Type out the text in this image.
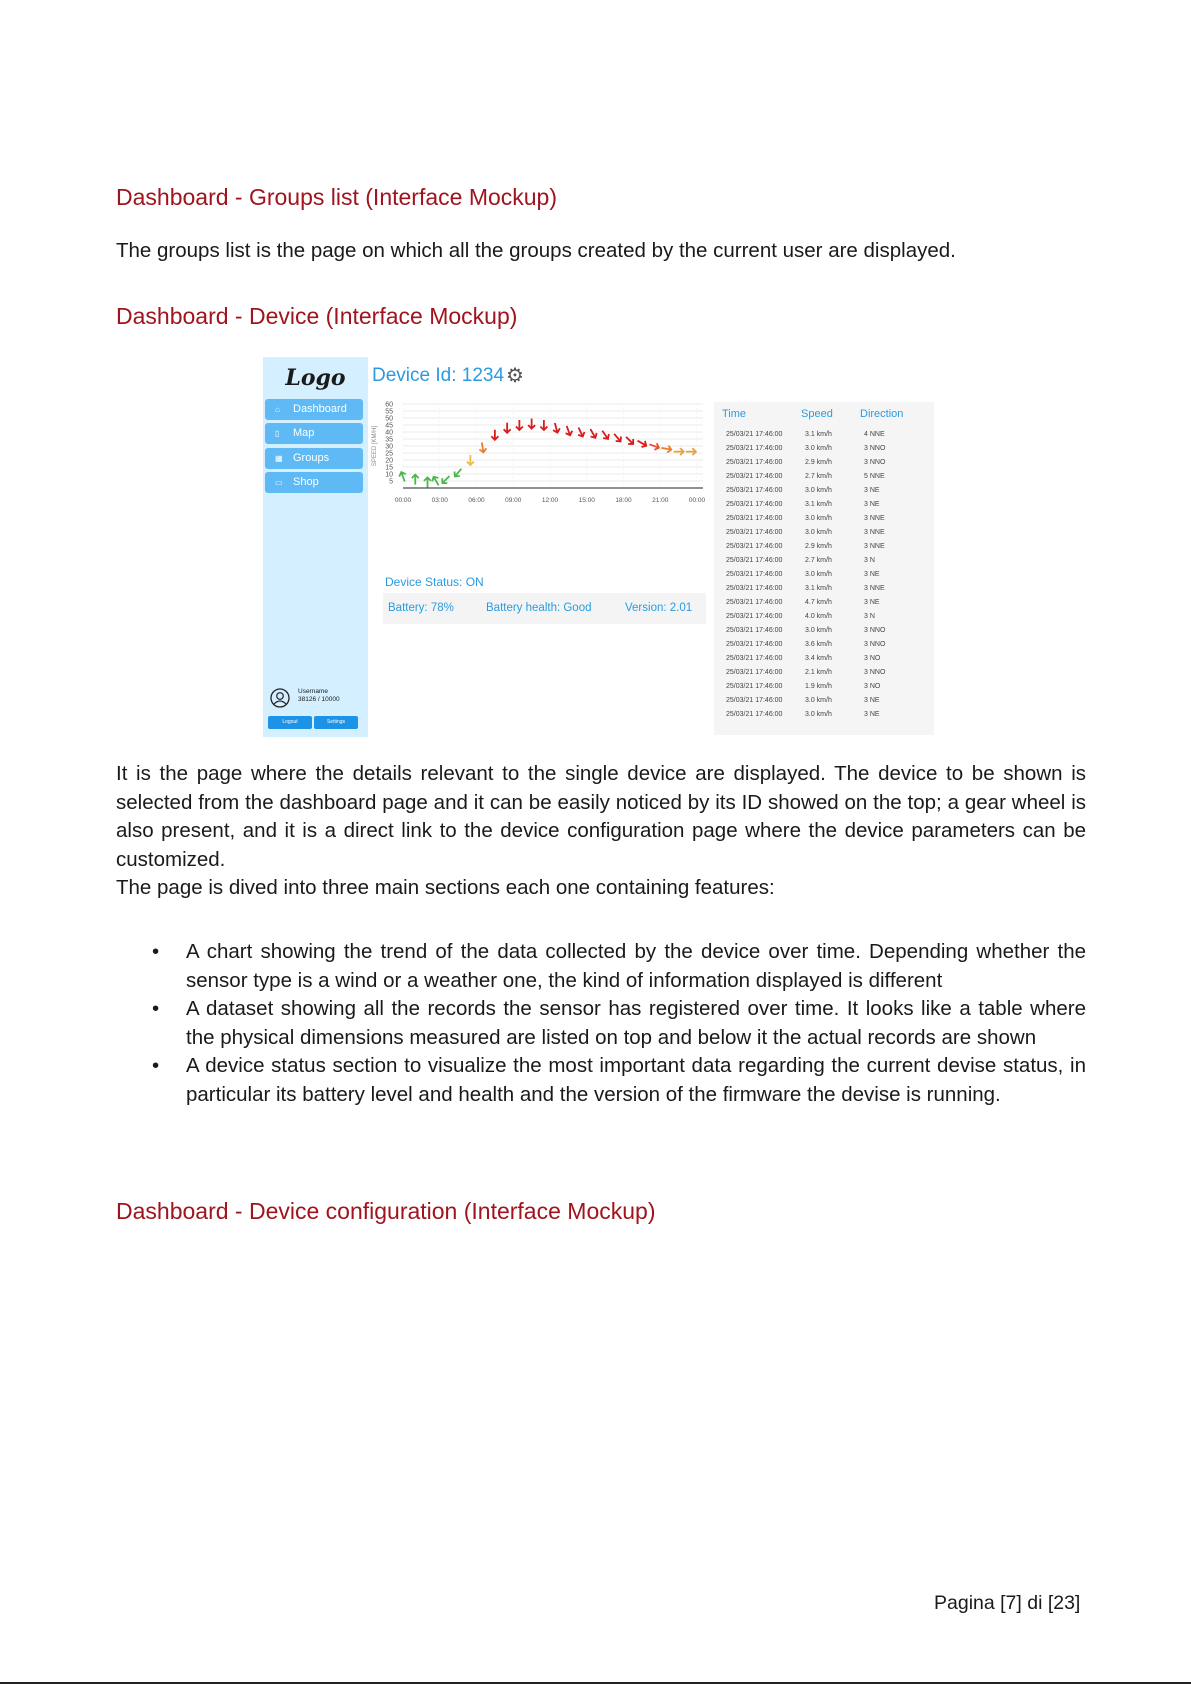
Dashboard - Groups list (Interface Mockup)
The groups list is the page on which all the groups created by the current user are displayed.
Dashboard - Device (Interface Mockup)
Logo
⌂ Dashboard
▯ Map
▦ Groups
▭ Shop
Username
38126 / 10000
Logout	Settings
Device Id: 1234 ⚙
5
10
15
20
25
30
35
40
45
50
55
60
00:00	03:00	06:00	09:00	12:00	15:00	18:00	21:00	00:00
SPEED [KM/H]
Device Status: ON
Battery: 78%	Battery health: Good	Version: 2.01
Time	Speed Direction
25/03/21 17:46:00	3.1 km/h	4 NNE
25/03/21 17:46:00	3.0 km/h	3 NNO
25/03/21 17:46:00	2.9 km/h	3 NNO
25/03/21 17:46:00	2.7 km/h	5 NNE
25/03/21 17:46:00	3.0 km/h	3 NE
25/03/21 17:46:00	3.1 km/h	3 NE
25/03/21 17:46:00	3.0 km/h	3 NNE
25/03/21 17:46:00	3.0 km/h	3 NNE
25/03/21 17:46:00	2.9 km/h	3 NNE
25/03/21 17:46:00	2.7 km/h	3 N
25/03/21 17:46:00	3.0 km/h	3 NE
25/03/21 17:46:00	3.1 km/h	3 NNE
25/03/21 17:46:00	4.7 km/h	3 NE
25/03/21 17:46:00	4.0 km/h	3 N
25/03/21 17:46:00	3.0 km/h	3 NNO
25/03/21 17:46:00	3.6 km/h	3 NNO
25/03/21 17:46:00	3.4 km/h	3 NO
25/03/21 17:46:00	2.1 km/h	3 NNO
25/03/21 17:46:00	1.9 km/h	3 NO
25/03/21 17:46:00	3.0 km/h	3 NE
25/03/21 17:46:00	3.0 km/h	3 NE
It is the page where the details relevant to the single device are displayed. The device to be shown is selected from the dashboard page and it can be easily noticed by its ID showed on the top; a gear wheel is also present, and it is a direct link to the device configuration page where the device parameters can be customized.
The page is dived into three main sections each one containing features:
• A chart showing the trend of the data collected by the device over time. Depending whether the sensor type is a wind or a weather one, the kind of information displayed is different
• A dataset showing all the records the sensor has registered over time. It looks like a table where the physical dimensions measured are listed on top and below it the actual records are shown
• A device status section to visualize the most important data regarding the current devise status, in particular its battery level and health and the version of the firmware the devise is running.
Dashboard - Device configuration (Interface Mockup)
Pagina [7] di [23]
